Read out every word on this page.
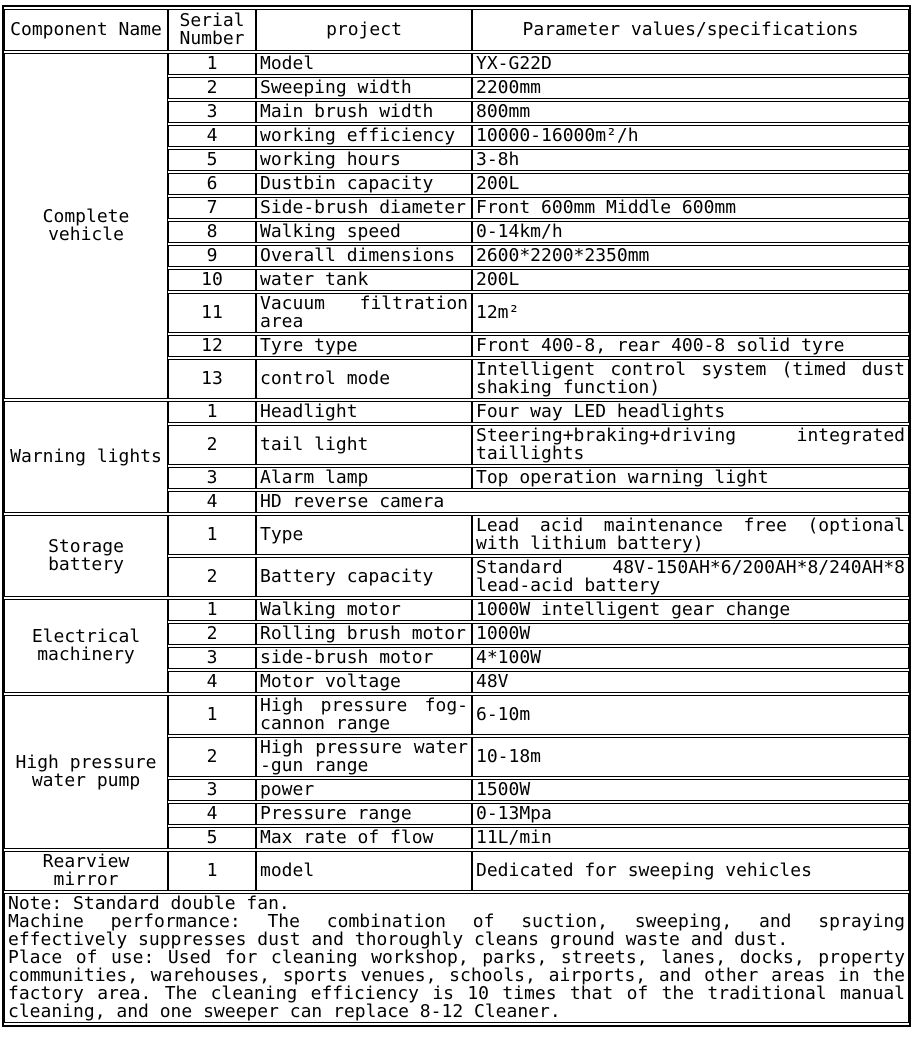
Component Name	Serial Number	project	Parameter values/specifications

Complete
vehicle	1	Model	YX-G22D
	2	Sweeping width	2200mm
	3	Main brush width	800mm
	4	working efficiency	10000-16000m²/h
	5	working hours	3-8h
	6	Dustbin capacity	200L
	7	Side-brush diameter	Front 600mm Middle 600mm
	8	Walking speed	0-14km/h
	9	Overall dimensions	2600*2200*2350mm
	10	water tank	200L
	11	Vacuum filtration area	12m²
	12	Tyre type	Front 400-8, rear 400-8 solid tyre
	13	control mode	Intelligent control system (timed dust shaking function)

Warning lights	1	Headlight	Four way LED headlights
	2	tail light	Steering+braking+driving integrated taillights
	3	Alarm lamp	Top operation warning light
	4	HD reverse camera	

Storage
battery	1	Type	Lead acid maintenance free (optional with lithium battery)
	2	Battery capacity	Standard 48V-150AH*6/200AH*8/240AH*8 lead-acid battery

Electrical
machinery	1	Walking motor	1000W intelligent gear change
	2	Rolling brush motor	1000W
	3	side-brush motor	4*100W
	4	Motor voltage	48V

High pressure
water pump	1	High pressure fog-cannon range	6-10m
	2	High pressure water -gun range	10-18m
	3	power	1500W
	4	Pressure range	0-13Mpa
	5	Max rate of flow	11L/min

Rearview
mirror	1	model	Dedicated for sweeping vehicles

Note: Standard double fan.
Machine performance: The combination of suction, sweeping, and spraying effectively suppresses dust and thoroughly cleans ground waste and dust.
Place of use: Used for cleaning workshop, parks, streets, lanes, docks, property communities, warehouses, sports venues, schools, airports, and other areas in the factory area. The cleaning efficiency is 10 times that of the traditional manual cleaning, and one sweeper can replace 8-12 Cleaner.			
